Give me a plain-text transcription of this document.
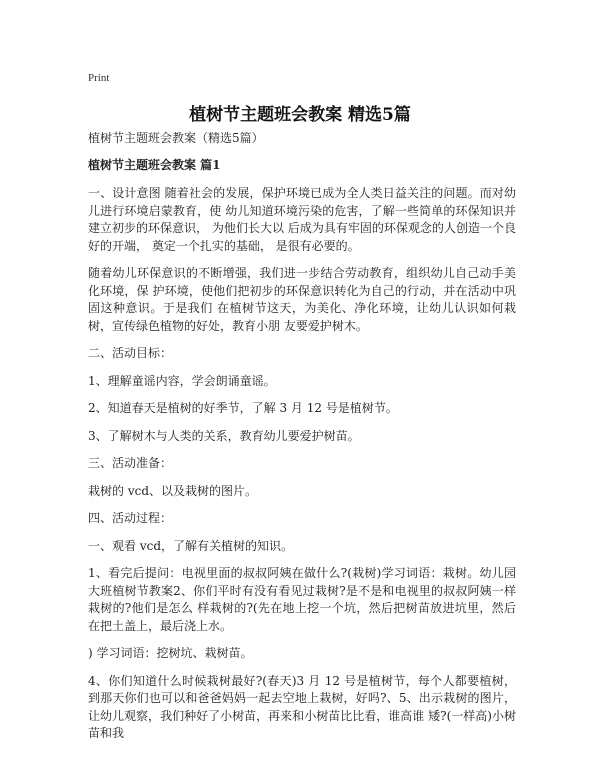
Print
植树节主题班会教案 精选5篇

植树节主题班会教案（精选5篇）

植树节主题班会教案 篇1

一、设计意图 随着社会的发展，保护环境已成为全人类日益关注的问题。而对幼儿进行环境启蒙教育，使 幼儿知道环境污染的危害，了解一些简单的环保知识并建立初步的环保意识， 为他们长大以 后成为具有牢固的环保观念的人创造一个良好的开端， 奠定一个扎实的基础， 是很有必要的。

随着幼儿环保意识的不断增强，我们进一步结合劳动教育，组织幼儿自己动手美化环境，保 护环境，使他们把初步的环保意识转化为自己的行动，并在活动中巩固这种意识。于是我们 在植树节这天，为美化、净化环境，让幼儿认识如何栽树，宣传绿色植物的好处，教育小朋 友要爱护树木。

二、活动目标：

1、理解童谣内容，学会朗诵童谣。

2、知道春天是植树的好季节，了解 3 月 12 号是植树节。

3、了解树木与人类的关系，教育幼儿要爱护树苗。

三、活动准备：

栽树的 vcd、以及栽树的图片。

四、活动过程：

一、观看 vcd，了解有关植树的知识。

1、看完后提问：电视里面的叔叔阿姨在做什么?(栽树)学习词语：栽树。幼儿园大班植树节教案2、你们平时有没有看见过栽树?是不是和电视里的叔叔阿姨一样栽树的?他们是怎么 样栽树的?(先在地上挖一个坑，然后把树苗放进坑里，然后在把土盖上，最后浇上水。

) 学习词语：挖树坑、栽树苗。

4、你们知道什么时候栽树最好?(春天)3 月 12 号是植树节，每个人都要植树，到那天你们也可以和爸爸妈妈一起去空地上栽树，好吗?、5、出示栽树的图片，让幼儿观察，我们种好了小树苗，再来和小树苗比比看，谁高谁 矮?(一样高)小树苗和我
